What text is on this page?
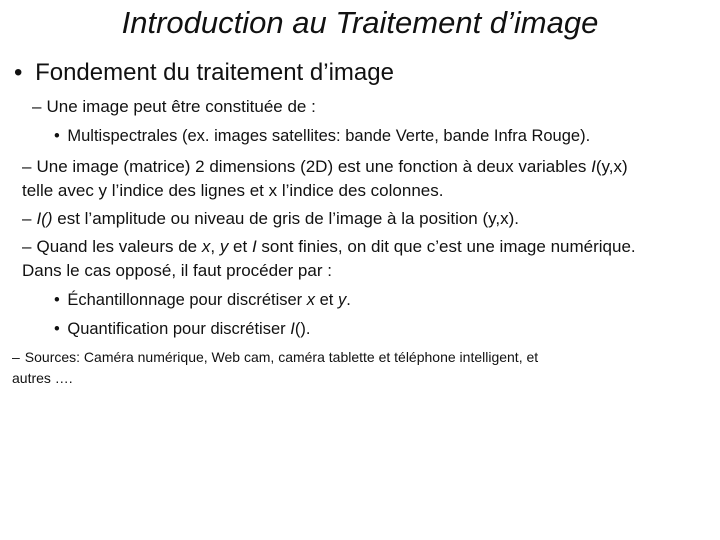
Introduction au Traitement d’image
• Fondement du traitement d’image
– Une image peut être constituée de :
• Multispectrales (ex. images satellites: bande Verte, bande Infra Rouge).
– Une image (matrice) 2 dimensions (2D) est une fonction à deux variables I(y,x)
telle avec y l’indice des lignes et x l’indice des colonnes.
– I() est l’amplitude ou niveau de gris de l’image à la position (y,x).
– Quand les valeurs de x, y et I sont finies, on dit que c’est une image numérique.
Dans le cas opposé, il faut procéder par :
• Échantillonnage pour discrétiser x et y.
• Quantification pour discrétiser I().
– Sources: Caméra numérique, Web cam, caméra tablette et téléphone intelligent, et
autres ….
